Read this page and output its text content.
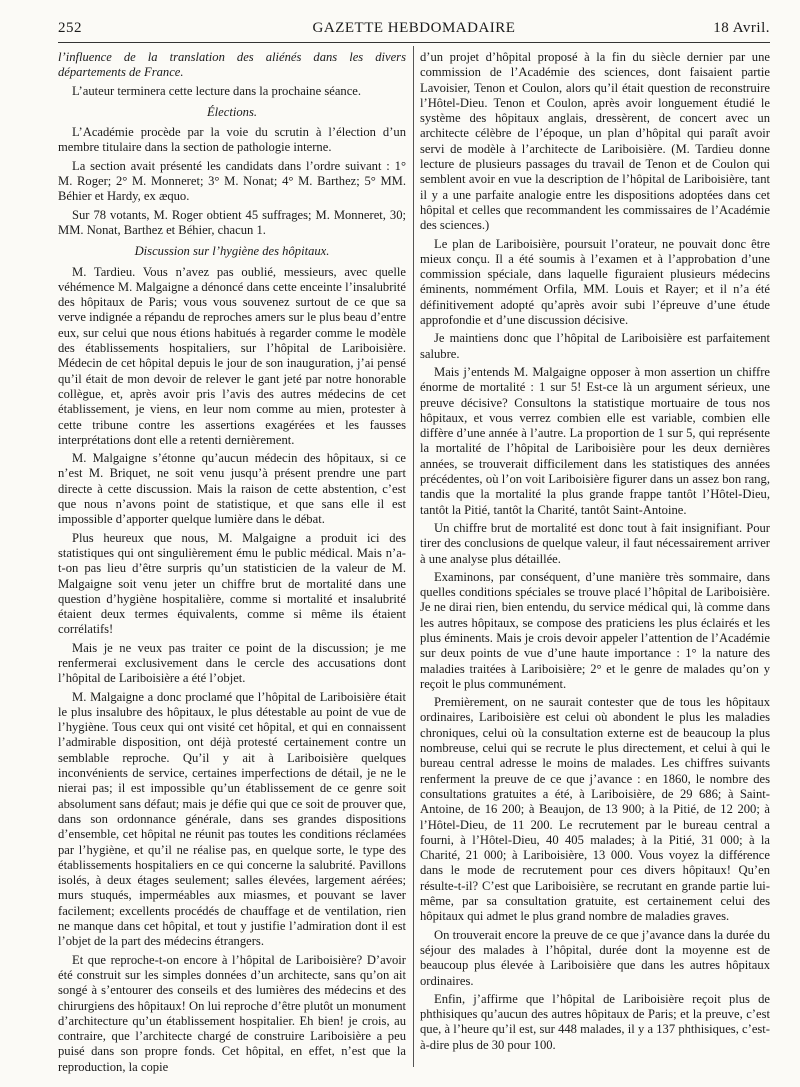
252	GAZETTE HEBDOMADAIRE	18 Avril.

l’influence de la translation des aliénés dans les divers départements de France.

L’auteur terminera cette lecture dans la prochaine séance.

Élections.

L’Académie procède par la voie du scrutin à l’élection d’un membre titulaire dans la section de pathologie interne.

La section avait présenté les candidats dans l’ordre suivant : 1° M. Roger; 2° M. Monneret; 3° M. Nonat; 4° M. Barthez; 5° MM. Béhier et Hardy, ex æquo.

Sur 78 votants, M. Roger obtient 45 suffrages; M. Monneret, 30; MM. Nonat, Barthez et Béhier, chacun 1.

Discussion sur l’hygiène des hôpitaux.

M. Tardieu. Vous n’avez pas oublié, messieurs, avec quelle véhémence M. Malgaigne a dénoncé dans cette enceinte l’insalubrité des hôpitaux de Paris; vous vous souvenez surtout de ce que sa verve indignée a répandu de reproches amers sur le plus beau d’entre eux, sur celui que nous étions habitués à regarder comme le modèle des établissements hospitaliers, sur l’hôpital de Lariboisière. Médecin de cet hôpital depuis le jour de son inauguration, j’ai pensé qu’il était de mon devoir de relever le gant jeté par notre honorable collègue, et, après avoir pris l’avis des autres médecins de cet établissement, je viens, en leur nom comme au mien, protester à cette tribune contre les assertions exagérées et les fausses interprétations dont elle a retenti dernièrement.

M. Malgaigne s’étonne qu’aucun médecin des hôpitaux, si ce n’est M. Briquet, ne soit venu jusqu’à présent prendre une part directe à cette discussion. Mais la raison de cette abstention, c’est que nous n’avons point de statistique, et que sans elle il est impossible d’apporter quelque lumière dans le débat.

Plus heureux que nous, M. Malgaigne a produit ici des statistiques qui ont singulièrement ému le public médical. Mais n’a-t-on pas lieu d’être surpris qu’un statisticien de la valeur de M. Malgaigne soit venu jeter un chiffre brut de mortalité dans une question d’hygiène hospitalière, comme si mortalité et insalubrité étaient deux termes équivalents, comme si même ils étaient corrélatifs!

Mais je ne veux pas traiter ce point de la discussion; je me renfermerai exclusivement dans le cercle des accusations dont l’hôpital de Lariboisière a été l’objet.

M. Malgaigne a donc proclamé que l’hôpital de Lariboisière était le plus insalubre des hôpitaux, le plus détestable au point de vue de l’hygiène. Tous ceux qui ont visité cet hôpital, et qui en connaissent l’admirable disposition, ont déjà protesté certainement contre un semblable reproche. Qu’il y ait à Lariboisière quelques inconvénients de service, certaines imperfections de détail, je ne le nierai pas; il est impossible qu’un établissement de ce genre soit absolument sans défaut; mais je défie qui que ce soit de prouver que, dans son ordonnance générale, dans ses grandes dispositions d’ensemble, cet hôpital ne réunit pas toutes les conditions réclamées par l’hygiène, et qu’il ne réalise pas, en quelque sorte, le type des établissements hospitaliers en ce qui concerne la salubrité. Pavillons isolés, à deux étages seulement; salles élevées, largement aérées; murs stuqués, imperméables aux miasmes, et pouvant se laver facilement; excellents procédés de chauffage et de ventilation, rien ne manque dans cet hôpital, et tout y justifie l’admiration dont il est l’objet de la part des médecins étrangers.

Et que reproche-t-on encore à l’hôpital de Lariboisière? D’avoir été construit sur les simples données d’un architecte, sans qu’on ait songé à s’entourer des conseils et des lumières des médecins et des chirurgiens des hôpitaux! On lui reproche d’être plutôt un monument d’architecture qu’un établissement hospitalier. Eh bien! je crois, au contraire, que l’architecte chargé de construire Lariboisière a peu puisé dans son propre fonds. Cet hôpital, en effet, n’est que la reproduction, la copie

d’un projet d’hôpital proposé à la fin du siècle dernier par une commission de l’Académie des sciences, dont faisaient partie Lavoisier, Tenon et Coulon, alors qu’il était question de reconstruire l’Hôtel-Dieu. Tenon et Coulon, après avoir longuement étudié le système des hôpitaux anglais, dressèrent, de concert avec un architecte célèbre de l’époque, un plan d’hôpital qui paraît avoir servi de modèle à l’architecte de Lariboisière. (M. Tardieu donne lecture de plusieurs passages du travail de Tenon et de Coulon qui semblent avoir en vue la description de l’hôpital de Lariboisière, tant il y a une parfaite analogie entre les dispositions adoptées dans cet hôpital et celles que recommandent les commissaires de l’Académie des sciences.)

Le plan de Lariboisière, poursuit l’orateur, ne pouvait donc être mieux conçu. Il a été soumis à l’examen et à l’approbation d’une commission spéciale, dans laquelle figuraient plusieurs médecins éminents, nommément Orfila, MM. Louis et Rayer; et il n’a été définitivement adopté qu’après avoir subi l’épreuve d’une étude approfondie et d’une discussion décisive.

Je maintiens donc que l’hôpital de Lariboisière est parfaitement salubre.

Mais j’entends M. Malgaigne opposer à mon assertion un chiffre énorme de mortalité : 1 sur 5! Est-ce là un argument sérieux, une preuve décisive? Consultons la statistique mortuaire de tous nos hôpitaux, et vous verrez combien elle est variable, combien elle diffère d’une année à l’autre. La proportion de 1 sur 5, qui représente la mortalité de l’hôpital de Lariboisière pour les deux dernières années, se trouverait difficilement dans les statistiques des années précédentes, où l’on voit Lariboisière figurer dans un assez bon rang, tandis que la mortalité la plus grande frappe tantôt l’Hôtel-Dieu, tantôt la Pitié, tantôt la Charité, tantôt Saint-Antoine.

Un chiffre brut de mortalité est donc tout à fait insignifiant. Pour tirer des conclusions de quelque valeur, il faut nécessairement arriver à une analyse plus détaillée.

Examinons, par conséquent, d’une manière très sommaire, dans quelles conditions spéciales se trouve placé l’hôpital de Lariboisière. Je ne dirai rien, bien entendu, du service médical qui, là comme dans les autres hôpitaux, se compose des praticiens les plus éclairés et les plus éminents. Mais je crois devoir appeler l’attention de l’Académie sur deux points de vue d’une haute importance : 1° la nature des maladies traitées à Lariboisière; 2° et le genre de malades qu’on y reçoit le plus communément.

Premièrement, on ne saurait contester que de tous les hôpitaux ordinaires, Lariboisière est celui où abondent le plus les maladies chroniques, celui où la consultation externe est de beaucoup la plus nombreuse, celui qui se recrute le plus directement, et celui à qui le bureau central adresse le moins de malades. Les chiffres suivants renferment la preuve de ce que j’avance : en 1860, le nombre des consultations gratuites a été, à Lariboisière, de 29 686; à Saint-Antoine, de 16 200; à Beaujon, de 13 900; à la Pitié, de 12 200; à l’Hôtel-Dieu, de 11 200. Le recrutement par le bureau central a fourni, à l’Hôtel-Dieu, 40 405 malades; à la Pitié, 31 000; à la Charité, 21 000; à Lariboisière, 13 000. Vous voyez la différence dans le mode de recrutement pour ces divers hôpitaux! Qu’en résulte-t-il? C’est que Lariboisière, se recrutant en grande partie lui-même, par sa consultation gratuite, est certainement celui des hôpitaux qui admet le plus grand nombre de maladies graves.

On trouverait encore la preuve de ce que j’avance dans la durée du séjour des malades à l’hôpital, durée dont la moyenne est de beaucoup plus élevée à Lariboisière que dans les autres hôpitaux ordinaires.

Enfin, j’affirme que l’hôpital de Lariboisière reçoit plus de phthisiques qu’aucun des autres hôpitaux de Paris; et la preuve, c’est que, à l’heure qu’il est, sur 448 malades, il y a 137 phthisiques, c’est-à-dire plus de 30 pour 100.
